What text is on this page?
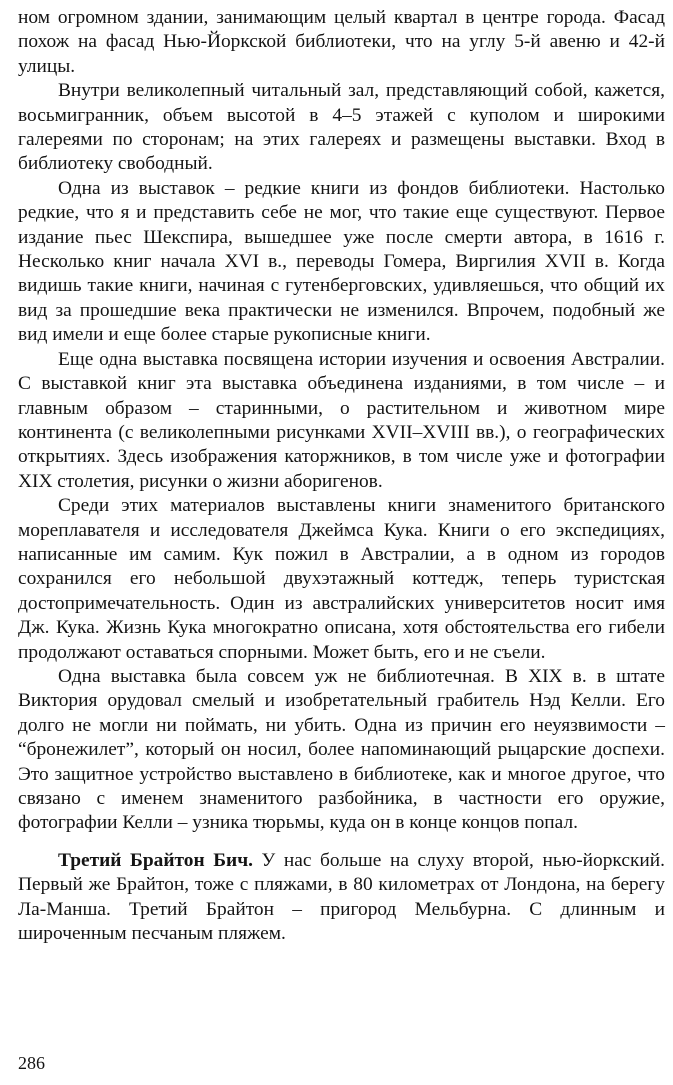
ном огромном здании, занимающим целый квартал в центре города. Фасад похож на фасад Нью-Йоркской библиотеки, что на углу 5-й авеню и 42-й улицы.

Внутри великолепный читальный зал, представляющий собой, кажется, восьмигранник, объем высотой в 4–5 этажей с куполом и широкими галереями по сторонам; на этих галереях и размещены выставки. Вход в библиотеку свободный.

Одна из выставок – редкие книги из фондов библиотеки. Настолько редкие, что я и представить себе не мог, что такие еще существуют. Первое издание пьес Шекспира, вышедшее уже после смерти автора, в 1616 г. Несколько книг начала XVI в., переводы Гомера, Виргилия XVII в. Когда видишь такие книги, начиная с гутенберговских, удивляешься, что общий их вид за прошедшие века практически не изменился. Впрочем, подобный же вид имели и еще более старые рукописные книги.

Еще одна выставка посвящена истории изучения и освоения Австралии. С выставкой книг эта выставка объединена изданиями, в том числе – и главным образом – старинными, о растительном и животном мире континента (с великолепными рисунками XVII–XVIII вв.), о географических открытиях. Здесь изображения каторжников, в том числе уже и фотографии XIX столетия, рисунки о жизни аборигенов.

Среди этих материалов выставлены книги знаменитого британского мореплавателя и исследователя Джеймса Кука. Книги о его экспедициях, написанные им самим. Кук пожил в Австралии, а в одном из городов сохранился его небольшой двухэтажный коттедж, теперь туристская достопримечательность. Один из австралийских университетов носит имя Дж. Кука. Жизнь Кука многократно описана, хотя обстоятельства его гибели продолжают оставаться спорными. Может быть, его и не съели.

Одна выставка была совсем уж не библиотечная. В XIX в. в штате Виктория орудовал смелый и изобретательный грабитель Нэд Келли. Его долго не могли ни поймать, ни убить. Одна из причин его неуязвимости – “бронежилет”, который он носил, более напоминающий рыцарские доспехи. Это защитное устройство выставлено в библиотеке, как и многое другое, что связано с именем знаменитого разбойника, в частности его оружие, фотографии Келли – узника тюрьмы, куда он в конце концов попал.

Третий Брайтон Бич. У нас больше на слуху второй, нью-йоркский. Первый же Брайтон, тоже с пляжами, в 80 километрах от Лондона, на берегу Ла-Манша. Третий Брайтон – пригород Мельбурна. С длинным и широченным песчаным пляжем.

286
